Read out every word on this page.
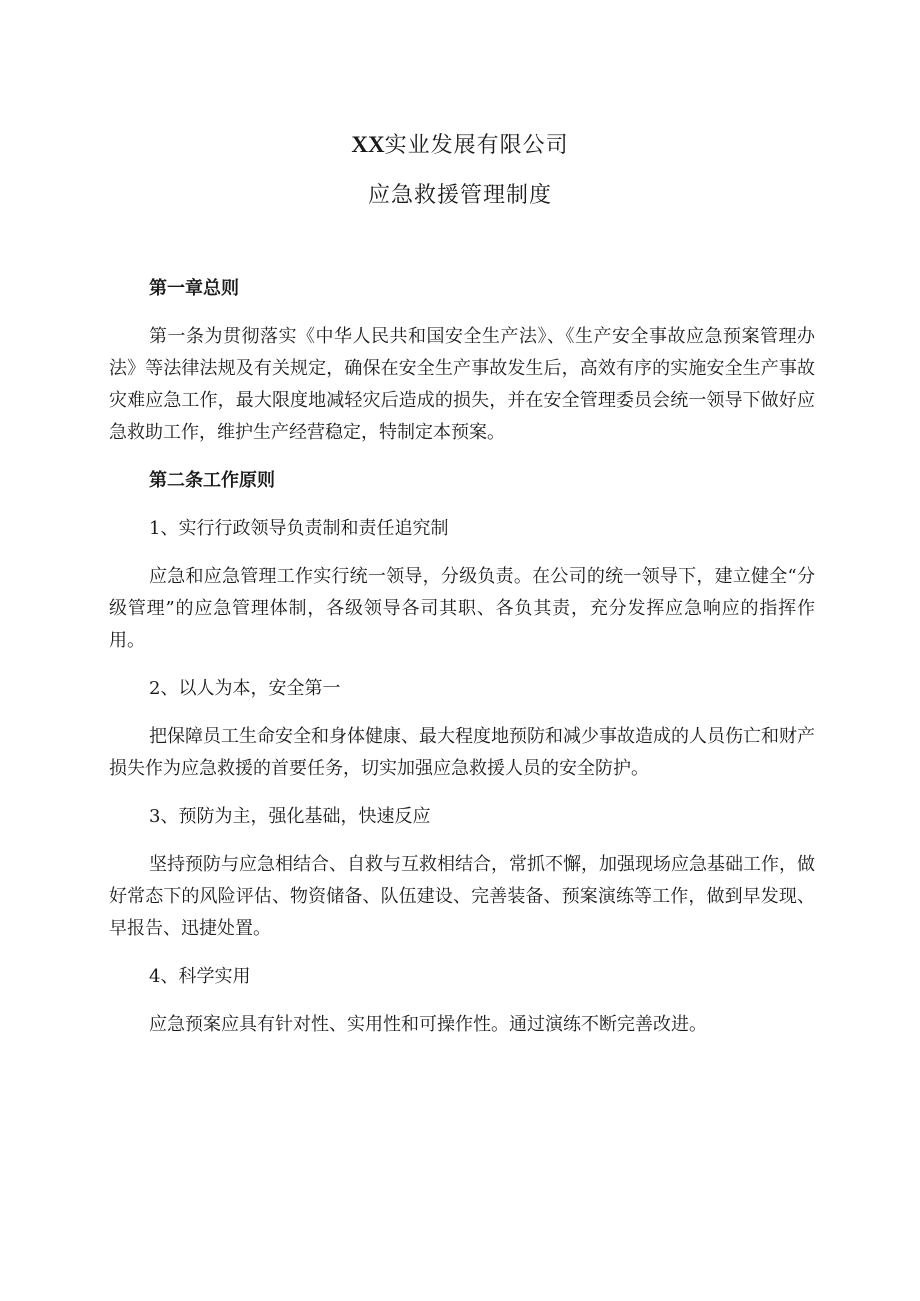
XX实业发展有限公司
应急救援管理制度

第一章总则

第一条为贯彻落实《中华人民共和国安全生产法》、《生产安全事故应急预案管理办法》等法律法规及有关规定，确保在安全生产事故发生后，高效有序的实施安全生产事故灾难应急工作，最大限度地减轻灾后造成的损失，并在安全管理委员会统一领导下做好应急救助工作，维护生产经营稳定，特制定本预案。

第二条工作原则

1、实行行政领导负责制和责任追究制

应急和应急管理工作实行统一领导，分级负责。在公司的统一领导下，建立健全“分级管理”的应急管理体制，各级领导各司其职、各负其责，充分发挥应急响应的指挥作用。

2、以人为本，安全第一

把保障员工生命安全和身体健康、最大程度地预防和减少事故造成的人员伤亡和财产损失作为应急救援的首要任务，切实加强应急救援人员的安全防护。

3、预防为主，强化基础，快速反应

坚持预防与应急相结合、自救与互救相结合，常抓不懈，加强现场应急基础工作，做好常态下的风险评估、物资储备、队伍建设、完善装备、预案演练等工作，做到早发现、早报告、迅捷处置。

4、科学实用

应急预案应具有针对性、实用性和可操作性。通过演练不断完善改进。
